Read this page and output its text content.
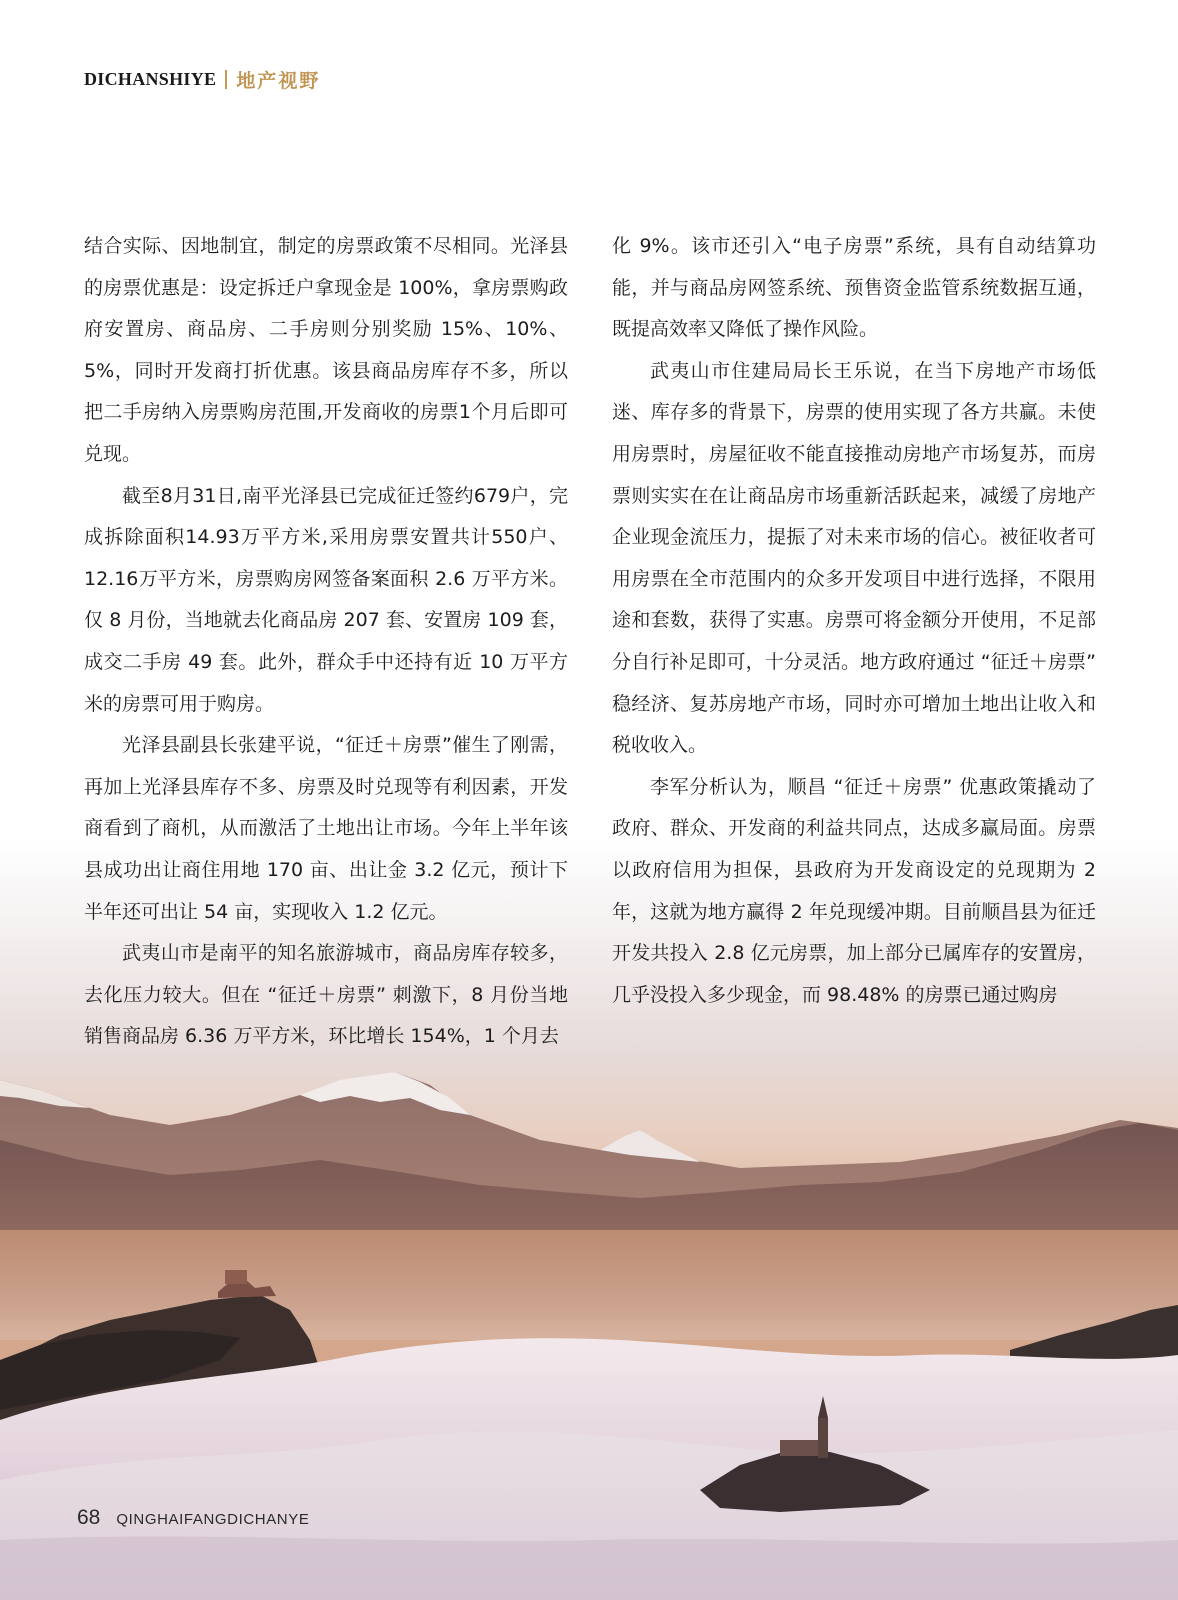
DICHANSHIYE 地产视野

结合实际、因地制宜，制定的房票政策不尽相同。光泽县的房票优惠是：设定拆迁户拿现金是 100%，拿房票购政府安置房、商品房、二手房则分别奖励 15%、10%、5%，同时开发商打折优惠。该县商品房库存不多，所以把二手房纳入房票购房范围,开发商收的房票1个月后即可兑现。

截至8月31日,南平光泽县已完成征迁签约679户，完成拆除面积14.93万平方米,采用房票安置共计550户、12.16万平方米，房票购房网签备案面积 2.6 万平方米。仅 8 月份，当地就去化商品房 207 套、安置房 109 套，成交二手房 49 套。此外，群众手中还持有近 10 万平方米的房票可用于购房。

光泽县副县长张建平说，“征迁＋房票”催生了刚需，再加上光泽县库存不多、房票及时兑现等有利因素，开发商看到了商机，从而激活了土地出让市场。今年上半年该县成功出让商住用地 170 亩、出让金 3.2 亿元，预计下半年还可出让 54 亩，实现收入 1.2 亿元。

武夷山市是南平的知名旅游城市，商品房库存较多，去化压力较大。但在 “征迁＋房票” 刺激下，8 月份当地销售商品房 6.36 万平方米，环比增长 154%，1 个月去

化 9%。该市还引入“电子房票”系统，具有自动结算功能，并与商品房网签系统、预售资金监管系统数据互通，既提高效率又降低了操作风险。

武夷山市住建局局长王乐说，在当下房地产市场低迷、库存多的背景下，房票的使用实现了各方共赢。未使用房票时，房屋征收不能直接推动房地产市场复苏，而房票则实实在在让商品房市场重新活跃起来，减缓了房地产企业现金流压力，提振了对未来市场的信心。被征收者可用房票在全市范围内的众多开发项目中进行选择，不限用途和套数，获得了实惠。房票可将金额分开使用，不足部分自行补足即可，十分灵活。地方政府通过 “征迁＋房票” 稳经济、复苏房地产市场，同时亦可增加土地出让收入和税收收入。

李军分析认为，顺昌 “征迁＋房票” 优惠政策撬动了政府、群众、开发商的利益共同点，达成多赢局面。房票以政府信用为担保，县政府为开发商设定的兑现期为 2 年，这就为地方赢得 2 年兑现缓冲期。目前顺昌县为征迁开发共投入 2.8 亿元房票，加上部分已属库存的安置房，几乎没投入多少现金，而 98.48% 的房票已通过购房

68 QINGHAIFANGDICHANYE
